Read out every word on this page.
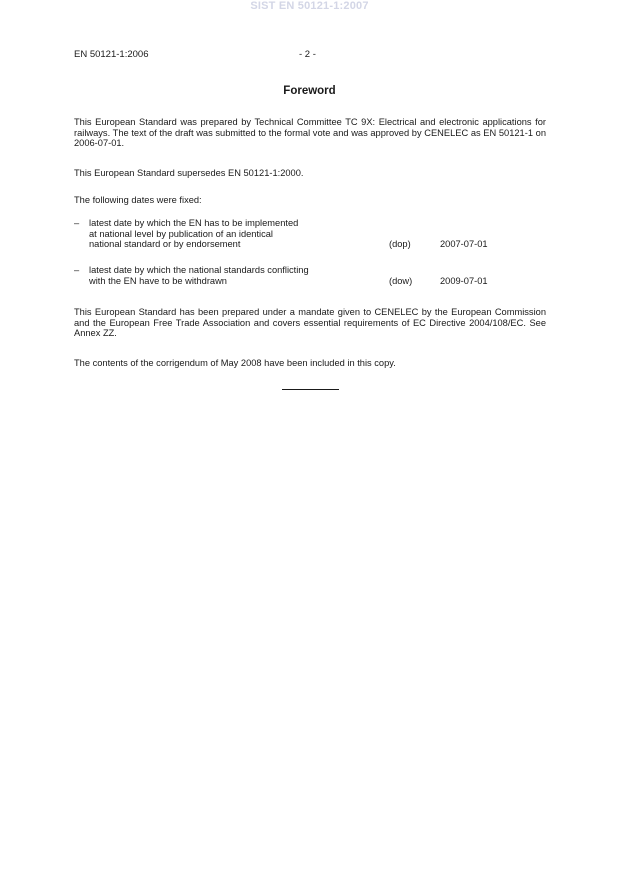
SIST EN 50121-1:2007
EN 50121-1:2006	- 2 -
Foreword

This European Standard was prepared by Technical Committee TC 9X: Electrical and electronic applications for railways. The text of the draft was submitted to the formal vote and was approved by CENELEC as EN 50121-1 on 2006-07-01.

This European Standard supersedes EN 50121-1:2000.

The following dates were fixed:

– latest date by which the EN has to be implemented
at national level by publication of an identical
national standard or by endorsement	(dop)	2007-07-01
– latest date by which the national standards conflicting
with the EN have to be withdrawn	(dow)	2009-07-01

This European Standard has been prepared under a mandate given to CENELEC by the European Commission and the European Free Trade Association and covers essential requirements of EC Directive 2004/108/EC. See Annex ZZ.

The contents of the corrigendum of May 2008 have been included in this copy.
